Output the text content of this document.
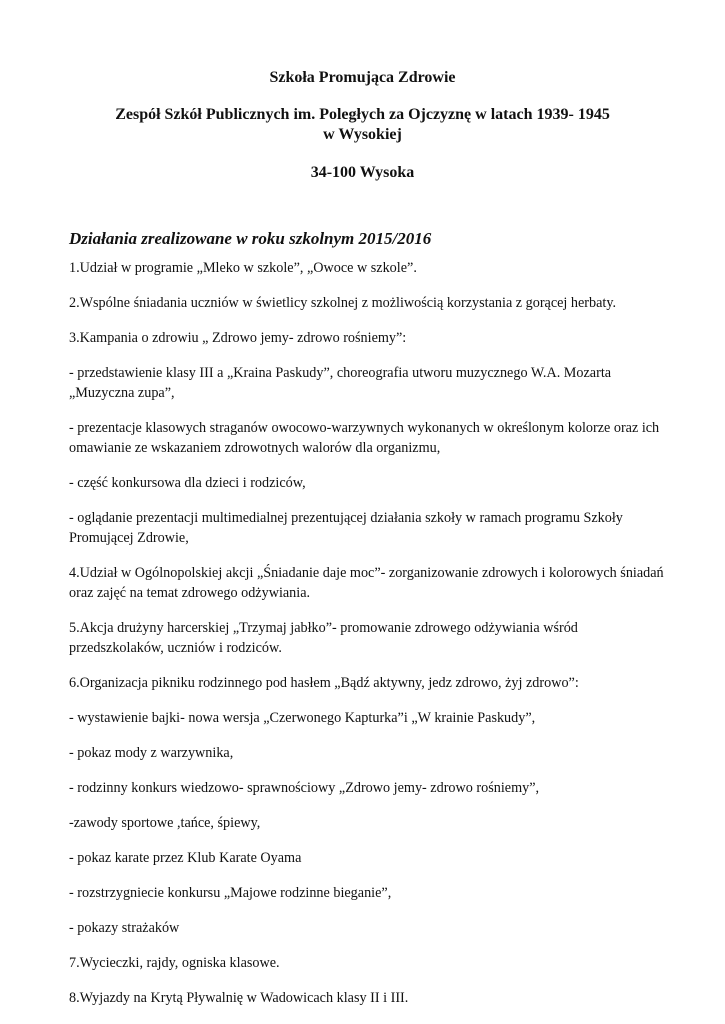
Szkoła Promująca Zdrowie
Zespół Szkół Publicznych im. Poległych za Ojczyznę w latach 1939- 1945
w Wysokiej
34-100 Wysoka
Działania zrealizowane w roku szkolnym 2015/2016

1.Udział w programie „Mleko w szkole”, „Owoce w szkole”.

2.Wspólne śniadania uczniów w świetlicy szkolnej z możliwością korzystania z gorącej herbaty.

3.Kampania o zdrowiu „ Zdrowo jemy- zdrowo rośniemy”:

- przedstawienie klasy III a „Kraina Paskudy”, choreografia utworu muzycznego W.A. Mozarta „Muzyczna zupa”,

- prezentacje klasowych straganów owocowo-warzywnych wykonanych w określonym kolorze oraz ich omawianie ze wskazaniem zdrowotnych walorów dla organizmu,

- część konkursowa dla dzieci i rodziców,

- oglądanie prezentacji multimedialnej prezentującej działania szkoły w ramach programu Szkoły Promującej Zdrowie,

4.Udział w Ogólnopolskiej akcji „Śniadanie daje moc”- zorganizowanie zdrowych i kolorowych śniadań oraz zajęć na temat zdrowego odżywiania.

5.Akcja drużyny harcerskiej „Trzymaj jabłko”- promowanie zdrowego odżywiania wśród przedszkolaków, uczniów i rodziców.

6.Organizacja pikniku rodzinnego pod hasłem „Bądź aktywny, jedz zdrowo, żyj zdrowo”:

- wystawienie bajki- nowa wersja „Czerwonego Kapturka”i „W krainie Paskudy”,

- pokaz mody z warzywnika,

- rodzinny konkurs wiedzowo- sprawnościowy „Zdrowo jemy- zdrowo rośniemy”,

-zawody sportowe ,tańce, śpiewy,

- pokaz karate przez Klub Karate Oyama

- rozstrzygniecie konkursu „Majowe rodzinne bieganie”,

- pokazy strażaków

7.Wycieczki, rajdy, ogniska klasowe.

8.Wyjazdy na Krytą Pływalnię w Wadowicach klasy II i III.
